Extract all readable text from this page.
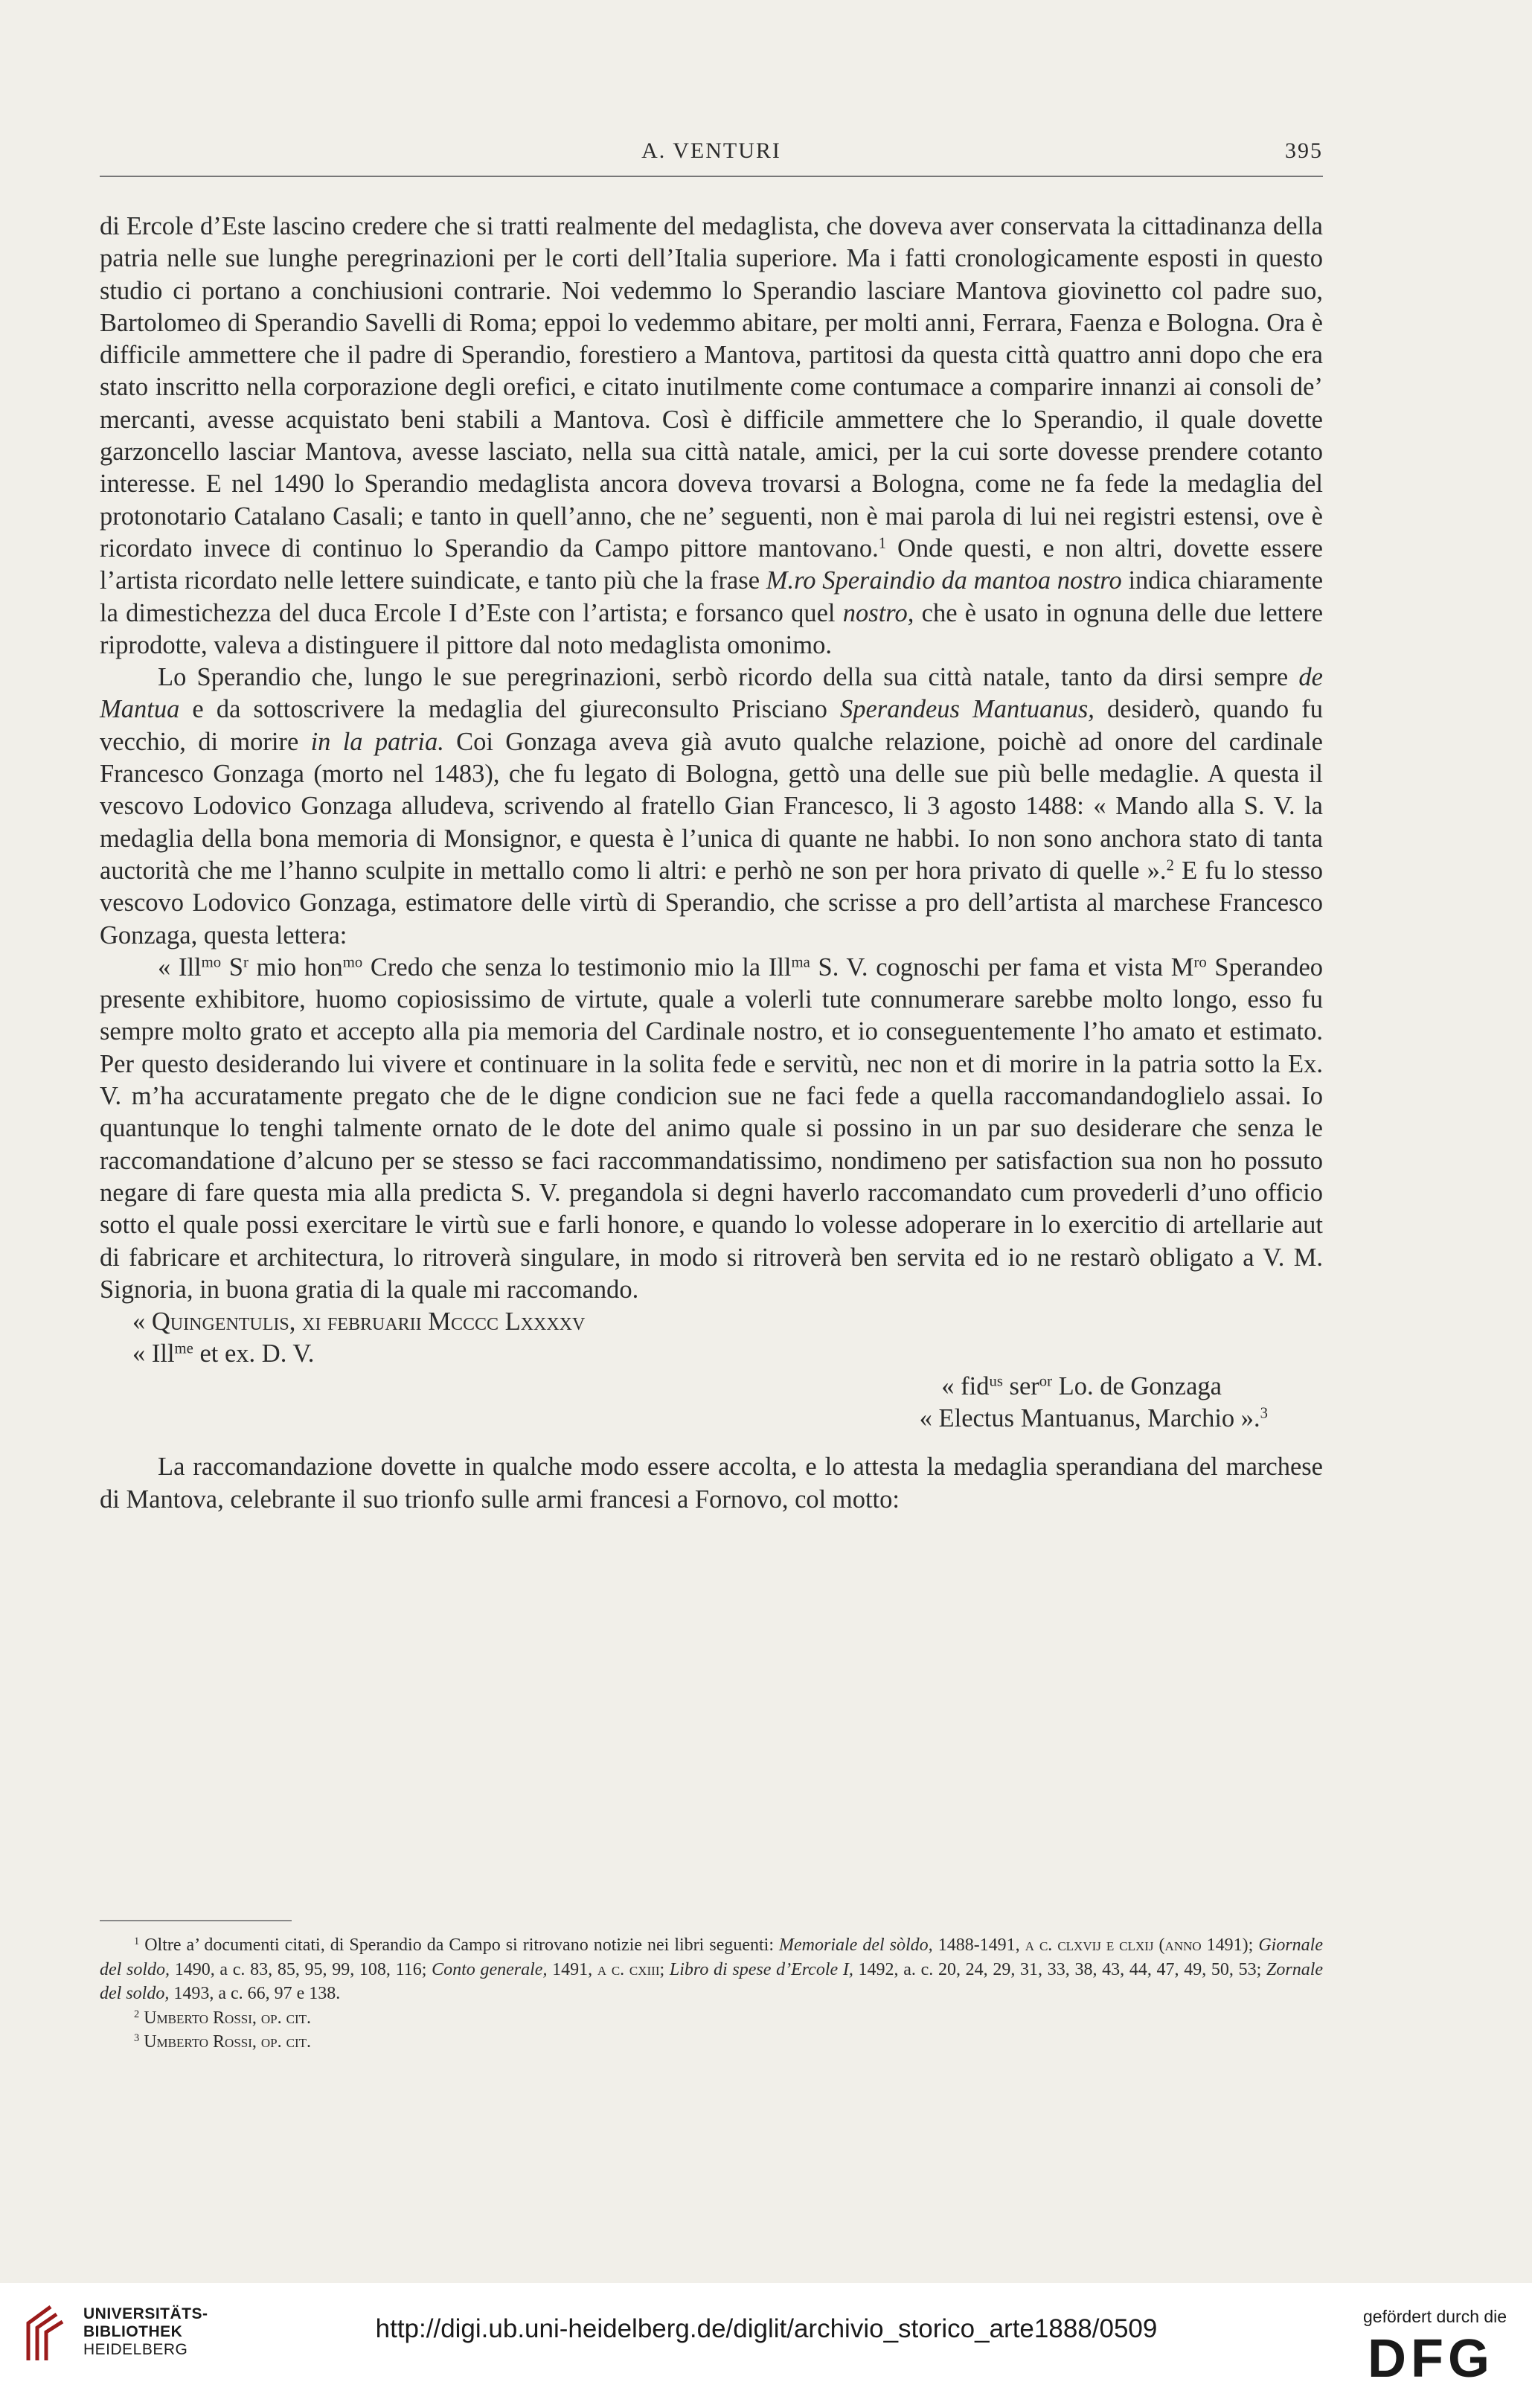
A. VENTURI	395

di Ercole d’Este lascino credere che si tratti realmente del medaglista, che doveva aver conservata la cittadinanza della patria nelle sue lunghe peregrinazioni per le corti dell’Italia superiore. Ma i fatti cronologicamente esposti in questo studio ci portano a conchiusioni contrarie. Noi vedemmo lo Sperandio lasciare Mantova giovinetto col padre suo, Bartolomeo di Sperandio Savelli di Roma; eppoi lo vedemmo abitare, per molti anni, Ferrara, Faenza e Bologna. Ora è difficile ammettere che il padre di Sperandio, forestiero a Mantova, partitosi da questa città quattro anni dopo che era stato inscritto nella corporazione degli orefici, e citato inutilmente come contumace a comparire innanzi ai consoli de’ mercanti, avesse acquistato beni stabili a Mantova. Così è difficile ammettere che lo Sperandio, il quale dovette garzoncello lasciar Mantova, avesse lasciato, nella sua città natale, amici, per la cui sorte dovesse prendere cotanto interesse. E nel 1490 lo Sperandio medaglista ancora doveva trovarsi a Bologna, come ne fa fede la medaglia del protonotario Catalano Casali; e tanto in quell’anno, che ne’ seguenti, non è mai parola di lui nei registri estensi, ove è ricordato invece di continuo lo Sperandio da Campo pittore mantovano.$^1$ Onde questi, e non altri, dovette essere l’artista ricordato nelle lettere suindicate, e tanto più che la frase M.ro Speraindio da mantoa nostro indica chiaramente la dimestichezza del duca Ercole I d’Este con l’artista; e forsanco quel nostro, che è usato in ognuna delle due lettere riprodotte, valeva a distinguere il pittore dal noto medaglista omonimo.

Lo Sperandio che, lungo le sue peregrinazioni, serbò ricordo della sua città natale, tanto da dirsi sempre de Mantua e da sottoscrivere la medaglia del giureconsulto Prisciano Sperandeus Mantuanus, desiderò, quando fu vecchio, di morire in la patria. Coi Gonzaga aveva già avuto qualche relazione, poichè ad onore del cardinale Francesco Gonzaga (morto nel 1483), che fu legato di Bologna, gettò una delle sue più belle medaglie. A questa il vescovo Lodovico Gonzaga alludeva, scrivendo al fratello Gian Francesco, li 3 agosto 1488: « Mando alla S. V. la medaglia della bona memoria di Monsignor, e questa è l’unica di quante ne habbi. Io non sono anchora stato di tanta auctorità che me l’hanno sculpite in mettallo como li altri: e perhò ne son per hora privato di quelle ».$^2$ E fu lo stesso vescovo Lodovico Gonzaga, estimatore delle virtù di Sperandio, che scrisse a pro dell’artista al marchese Francesco Gonzaga, questa lettera:

« Ill$^{mo}$ $S^r$ mio hon$^{mo}$ Credo che senza lo testimonio mio la Ill$^{ma}$ S. V. cognoschi per fama et vista $M^{ro}$ Sperandeo presente exhibitore, huomo copiosissimo de virtute, quale a volerli tute connumerare sarebbe molto longo, esso fu sempre molto grato et accepto alla pia memoria del Cardinale nostro, et io conseguentemente l’ho amato et estimato. Per questo desiderando lui vivere et continuare in la solita fede e servitù, nec non et di morire in la patria sotto la Ex. V. m’ha accuratamente pregato che de le digne condicion sue ne faci fede a quella raccomandandoglielo assai. Io quantunque lo tenghi talmente ornato de le dote del animo quale si possino in un par suo desiderare che senza le raccomandatione d’alcuno per se stesso se faci raccommandatissimo, nondimeno per satisfaction sua non ho possuto negare di fare questa mia alla predicta S. V. pregandola si degni haverlo raccomandato cum provederli d’uno officio sotto el quale possi exercitare le virtù sue e farli honore, e quando lo volesse adoperare in lo exercitio di artellarie aut di fabricare et architectura, lo ritroverà singulare, in modo si ritroverà ben servita ed io ne restarò obligato a V. M. Signoria, in buona gratia di la quale mi raccomando.

« Quingentulis, xi februarii Mcccc Lxxxxv

« Ill$^{me}$ et ex. D. V.

« fid$^{us}$ ser$^{or}$ Lo. de Gonzaga

« Electus Mantuanus, Marchio ».$^3$

La raccomandazione dovette in qualche modo essere accolta, e lo attesta la medaglia sperandiana del marchese di Mantova, celebrante il suo trionfo sulle armi francesi a Fornovo, col motto:

$^1$ Oltre a’ documenti citati, di Sperandio da Campo si ritrovano notizie nei libri seguenti: Memoriale del sòldo, 1488-1491, a c. clxvij e clxij (anno 1491); Giornale del soldo, 1490, a c. 83, 85, 95, 99, 108, 116; Conto generale, 1491, a c. cxiii; Libro di spese d’Ercole I, 1492, a. c. 20, 24, 29, 31, 33, 38, 43, 44, 47, 49, 50, 53; Zornale del soldo, 1493, a c. 66, 97 e 138.

$^2$ Umberto Rossi, op. cit.

$^3$ Umberto Rossi, op. cit.

UNIVERSITÄTS-
BIBLIOTHEK
HEIDELBERG
http://digi.ub.uni-heidelberg.de/diglit/archivio_storico_arte1888/0509	gefördert durch die
DFG
